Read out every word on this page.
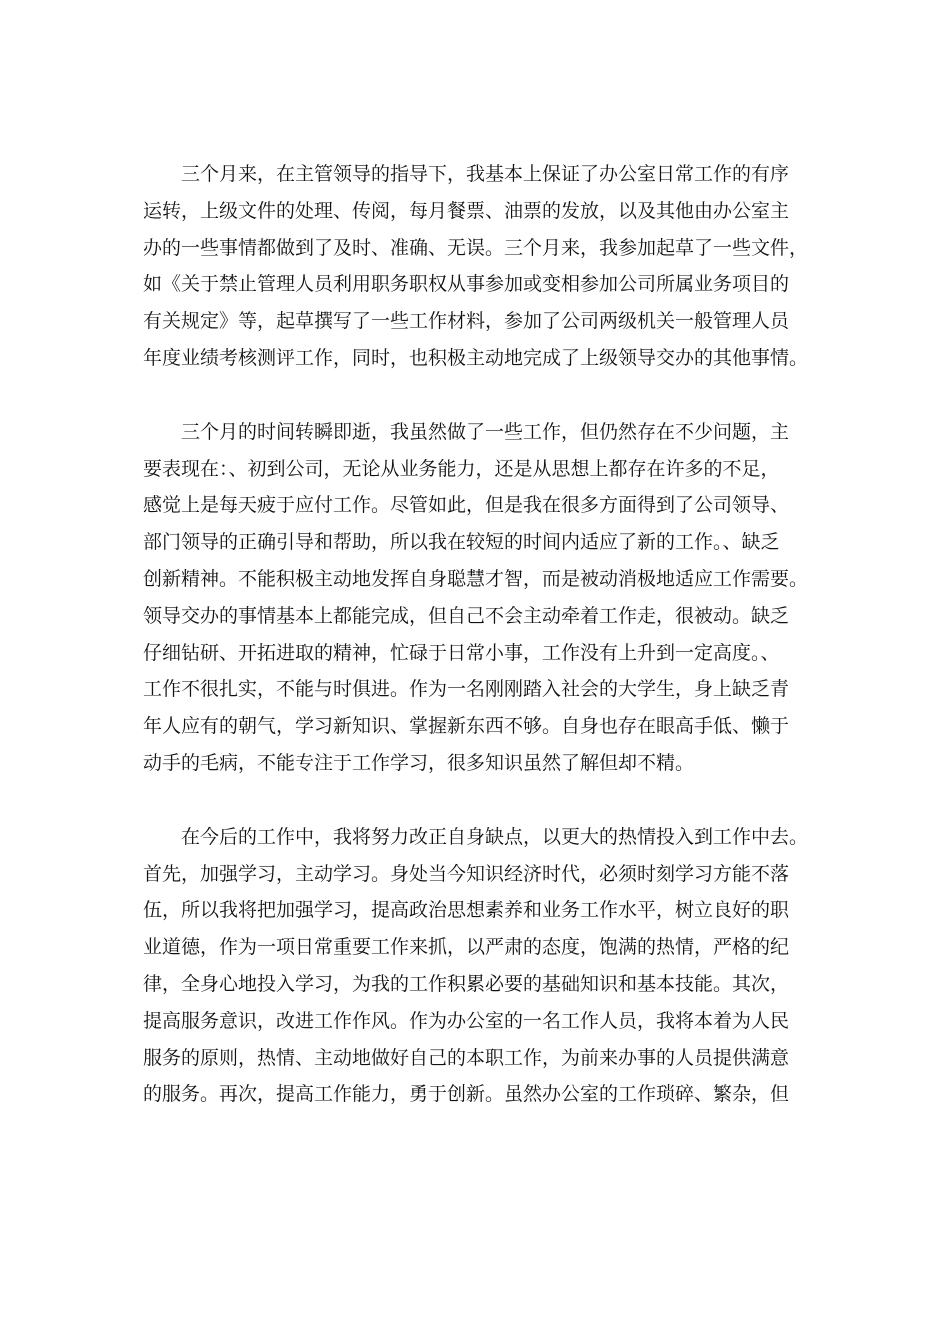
三个月来，在主管领导的指导下，我基本上保证了办公室日常工作的有序
运转，上级文件的处理、传阅，每月餐票、油票的发放，以及其他由办公室主
办的一些事情都做到了及时、准确、无误。三个月来，我参加起草了一些文件，
如《关于禁止管理人员利用职务职权从事参加或变相参加公司所属业务项目的
有关规定》等，起草撰写了一些工作材料，参加了公司两级机关一般管理人员
年度业绩考核测评工作，同时，也积极主动地完成了上级领导交办的其他事情。
三个月的时间转瞬即逝，我虽然做了一些工作，但仍然存在不少问题，主
要表现在：、初到公司，无论从业务能力，还是从思想上都存在许多的不足，
感觉上是每天疲于应付工作。尽管如此，但是我在很多方面得到了公司领导、
部门领导的正确引导和帮助，所以我在较短的时间内适应了新的工作。、缺乏
创新精神。不能积极主动地发挥自身聪慧才智，而是被动消极地适应工作需要。
领导交办的事情基本上都能完成，但自己不会主动牵着工作走，很被动。缺乏
仔细钻研、开拓进取的精神，忙碌于日常小事，工作没有上升到一定高度。、
工作不很扎实，不能与时俱进。作为一名刚刚踏入社会的大学生，身上缺乏青
年人应有的朝气，学习新知识、掌握新东西不够。自身也存在眼高手低、懒于
动手的毛病，不能专注于工作学习，很多知识虽然了解但却不精。
在今后的工作中，我将努力改正自身缺点，以更大的热情投入到工作中去。
首先，加强学习，主动学习。身处当今知识经济时代，必须时刻学习方能不落
伍，所以我将把加强学习，提高政治思想素养和业务工作水平，树立良好的职
业道德，作为一项日常重要工作来抓，以严肃的态度，饱满的热情，严格的纪
律，全身心地投入学习，为我的工作积累必要的基础知识和基本技能。其次，
提高服务意识，改进工作作风。作为办公室的一名工作人员，我将本着为人民
服务的原则，热情、主动地做好自己的本职工作，为前来办事的人员提供满意
的服务。再次，提高工作能力，勇于创新。虽然办公室的工作琐碎、繁杂，但
